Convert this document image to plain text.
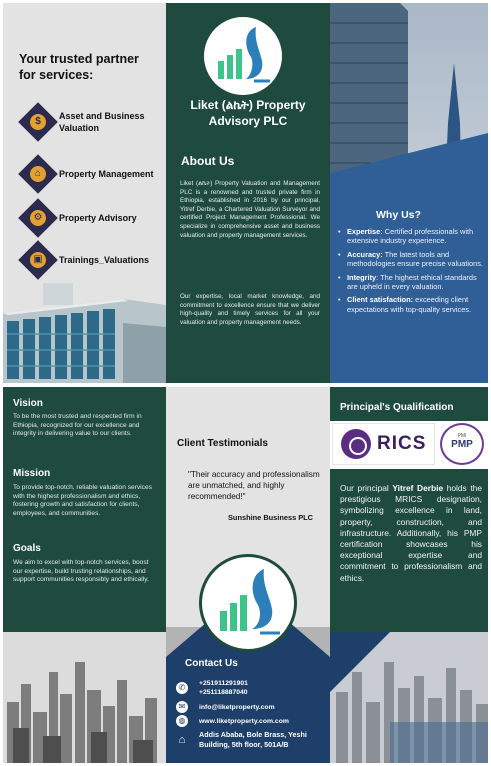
Your trusted partner for services:
$	Asset and Business Valuation
⌂	Property Management
⚙	Property Advisory
▣	Trainings_Valuations
Liket (ልኬት) Property Advisory PLC
About Us
Liket (ልኬት) Property Valuation and Management PLC is a renowned and trusted private firm in Ethiopia, established in 2016 by our principal, Yitref Derbie, a Chartered Valuation Surveyor and certified Project Management Professional. We specialize in comprehensive asset and business valuation and property management services.
Our expertise, local market knowledge, and commitment to excellence ensure that we deliver high-quality and timely services for all your valuation and property management needs.
Why Us?
• Expertise: Certified professionals with extensive industry experience.
• Accuracy: The latest tools and methodologies ensure precise valuations.
• Integrity: The highest ethical standards are upheld in every valuation.
• Client satisfaction: exceeding client expectations with top-quality services.
Vision
To be the most trusted and respected firm in Ethiopia, recognized for our excellence and integrity in delivering value to our clients.
Mission
To provide top-notch, reliable valuation services with the highest professionalism and ethics, fostering growth and satisfaction for clients, employees, and communities.
Goals
We aim to excel with top-notch services, boost our expertise, build trusting relationships, and support communities responsibly and ethically.
Client Testimonials
"Their accuracy and professionalism are unmatched, and highly recommended!"
Sunshine Business PLC
Contact Us
✆	+251911291901
+251118887040
✉	info@liketproperty.com
◍	www.liketproperty.com.com
⌂	Addis Ababa, Bole Brass, Yeshi Building, 5th floor, 501A/B
Principal's Qualification
RICS	PMI
PMP
Our principal Yitref Derbie holds the prestigious MRICS designation, symbolizing excellence in land, property, construction, and infrastructure. Additionally, his PMP certification showcases his exceptional expertise and commitment to professionalism and ethics.
